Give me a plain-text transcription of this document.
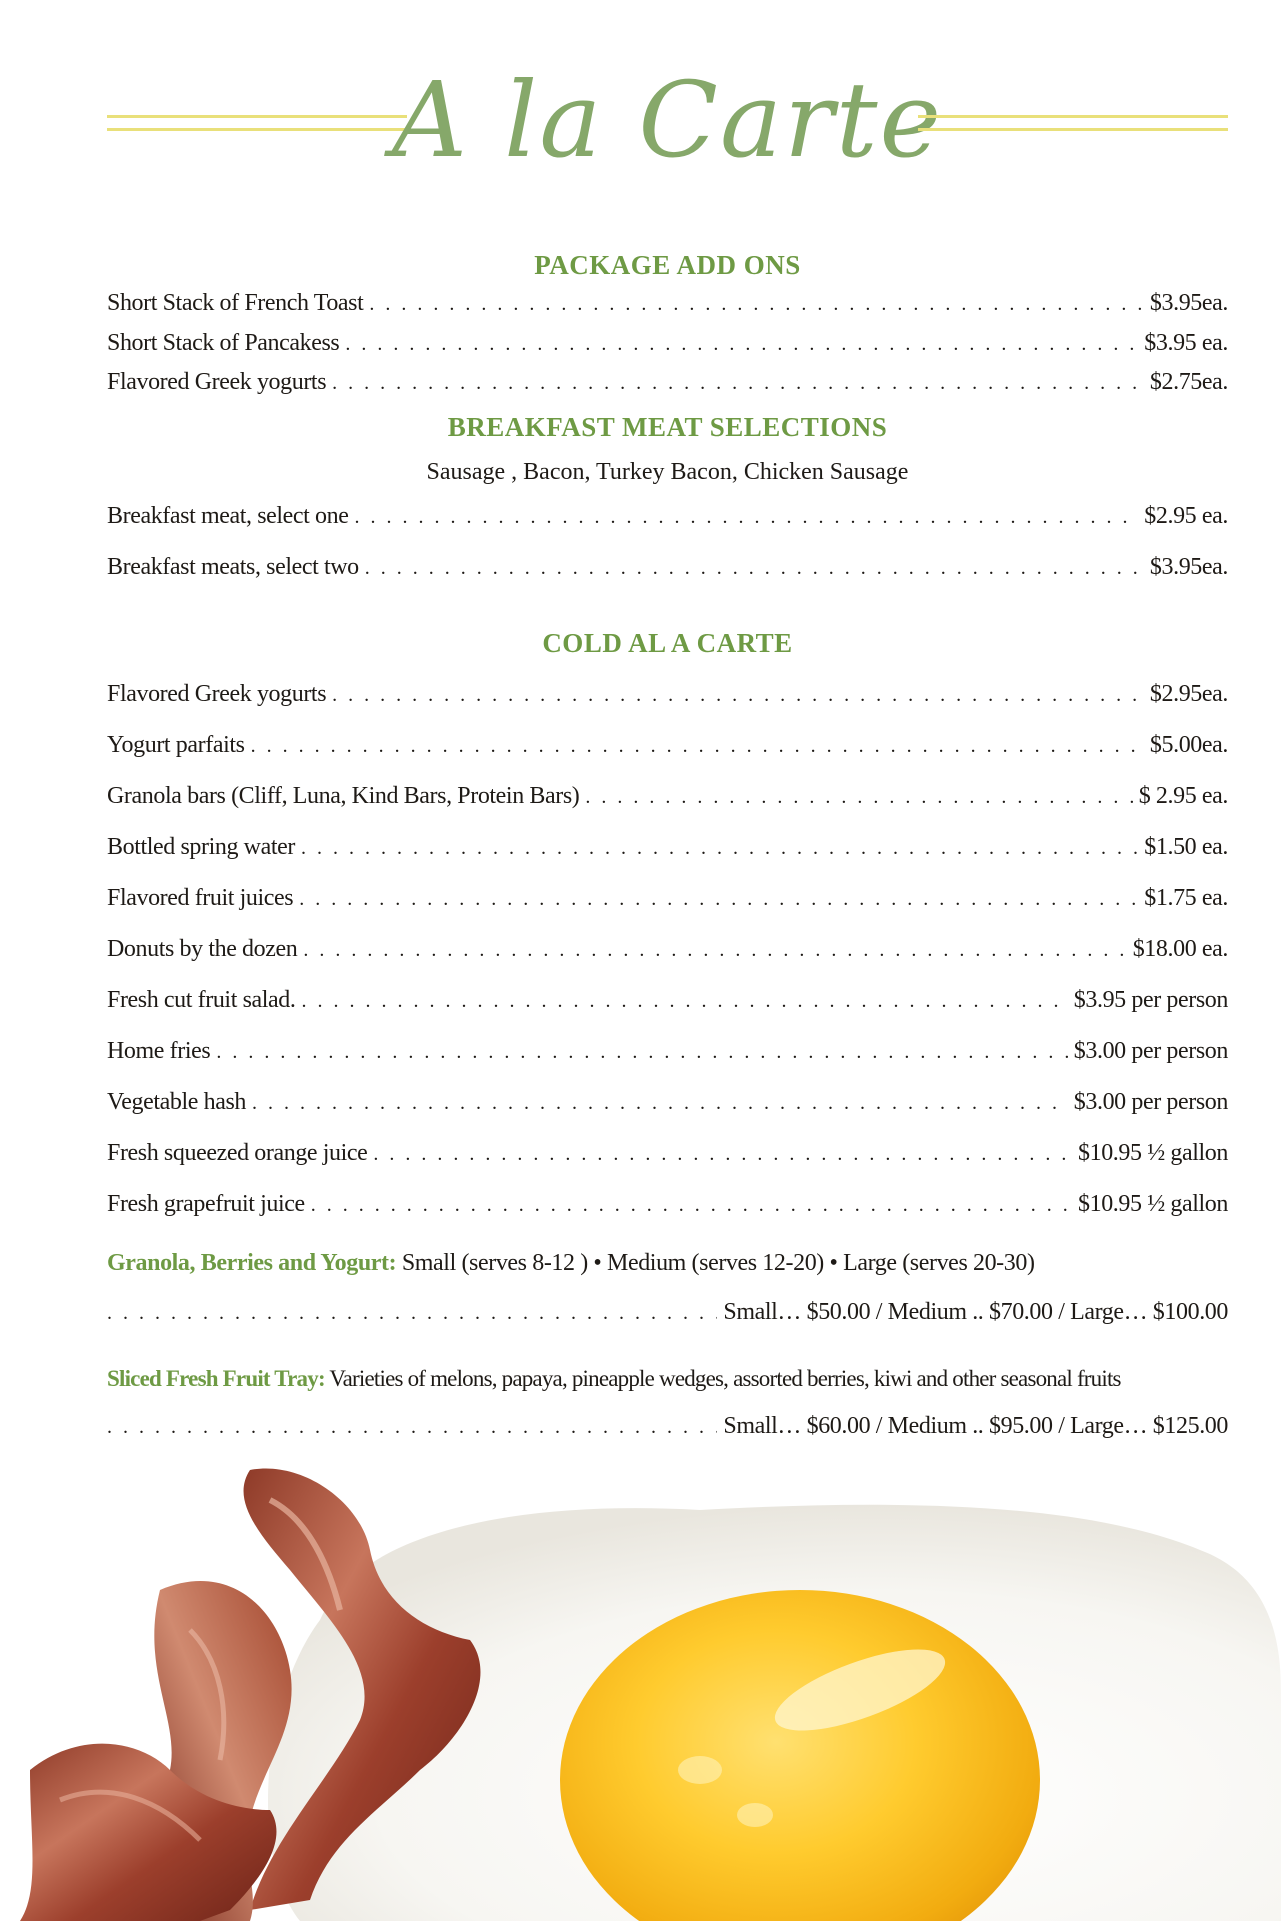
A la Carte
PACKAGE ADD ONS
Short Stack of French Toast . . .	$3.95ea.
Short Stack of Pancakess . . .	$3.95 ea.
Flavored Greek yogurts . . .	$2.75ea.
BREAKFAST MEAT SELECTIONS
Sausage , Bacon, Turkey Bacon, Chicken Sausage
Breakfast meat, select one . . .	$2.95 ea.
Breakfast meats, select two . . .	$3.95ea.
COLD AL A CARTE
Flavored Greek yogurts . . .	$2.95ea.
Yogurt parfaits . . .	$5.00ea.
Granola bars (Cliff, Luna, Kind Bars, Protein Bars) . . .	$ 2.95 ea.
Bottled spring water . . .	$1.50 ea.
Flavored fruit juices . . .	$1.75 ea.
Donuts by the dozen . . .	$18.00 ea.
Fresh cut fruit salad. . . .	$3.95 per person
Home fries . . .	$3.00 per person
Vegetable hash . . .	$3.00 per person
Fresh squeezed orange juice . . .	$10.95 ½ gallon
Fresh grapefruit juice . . .	$10.95 ½ gallon
Granola, Berries and Yogurt: Small (serves 8-12 ) • Medium (serves 12-20) • Large (serves 20-30)
. . .
Small… $50.00 / Medium .. $70.00 / Large… $100.00
Sliced Fresh Fruit Tray: Varieties of melons, papaya, pineapple wedges, assorted berries, kiwi and other seasonal fruits
. . .
Small… $60.00 / Medium .. $95.00 / Large… $125.00
